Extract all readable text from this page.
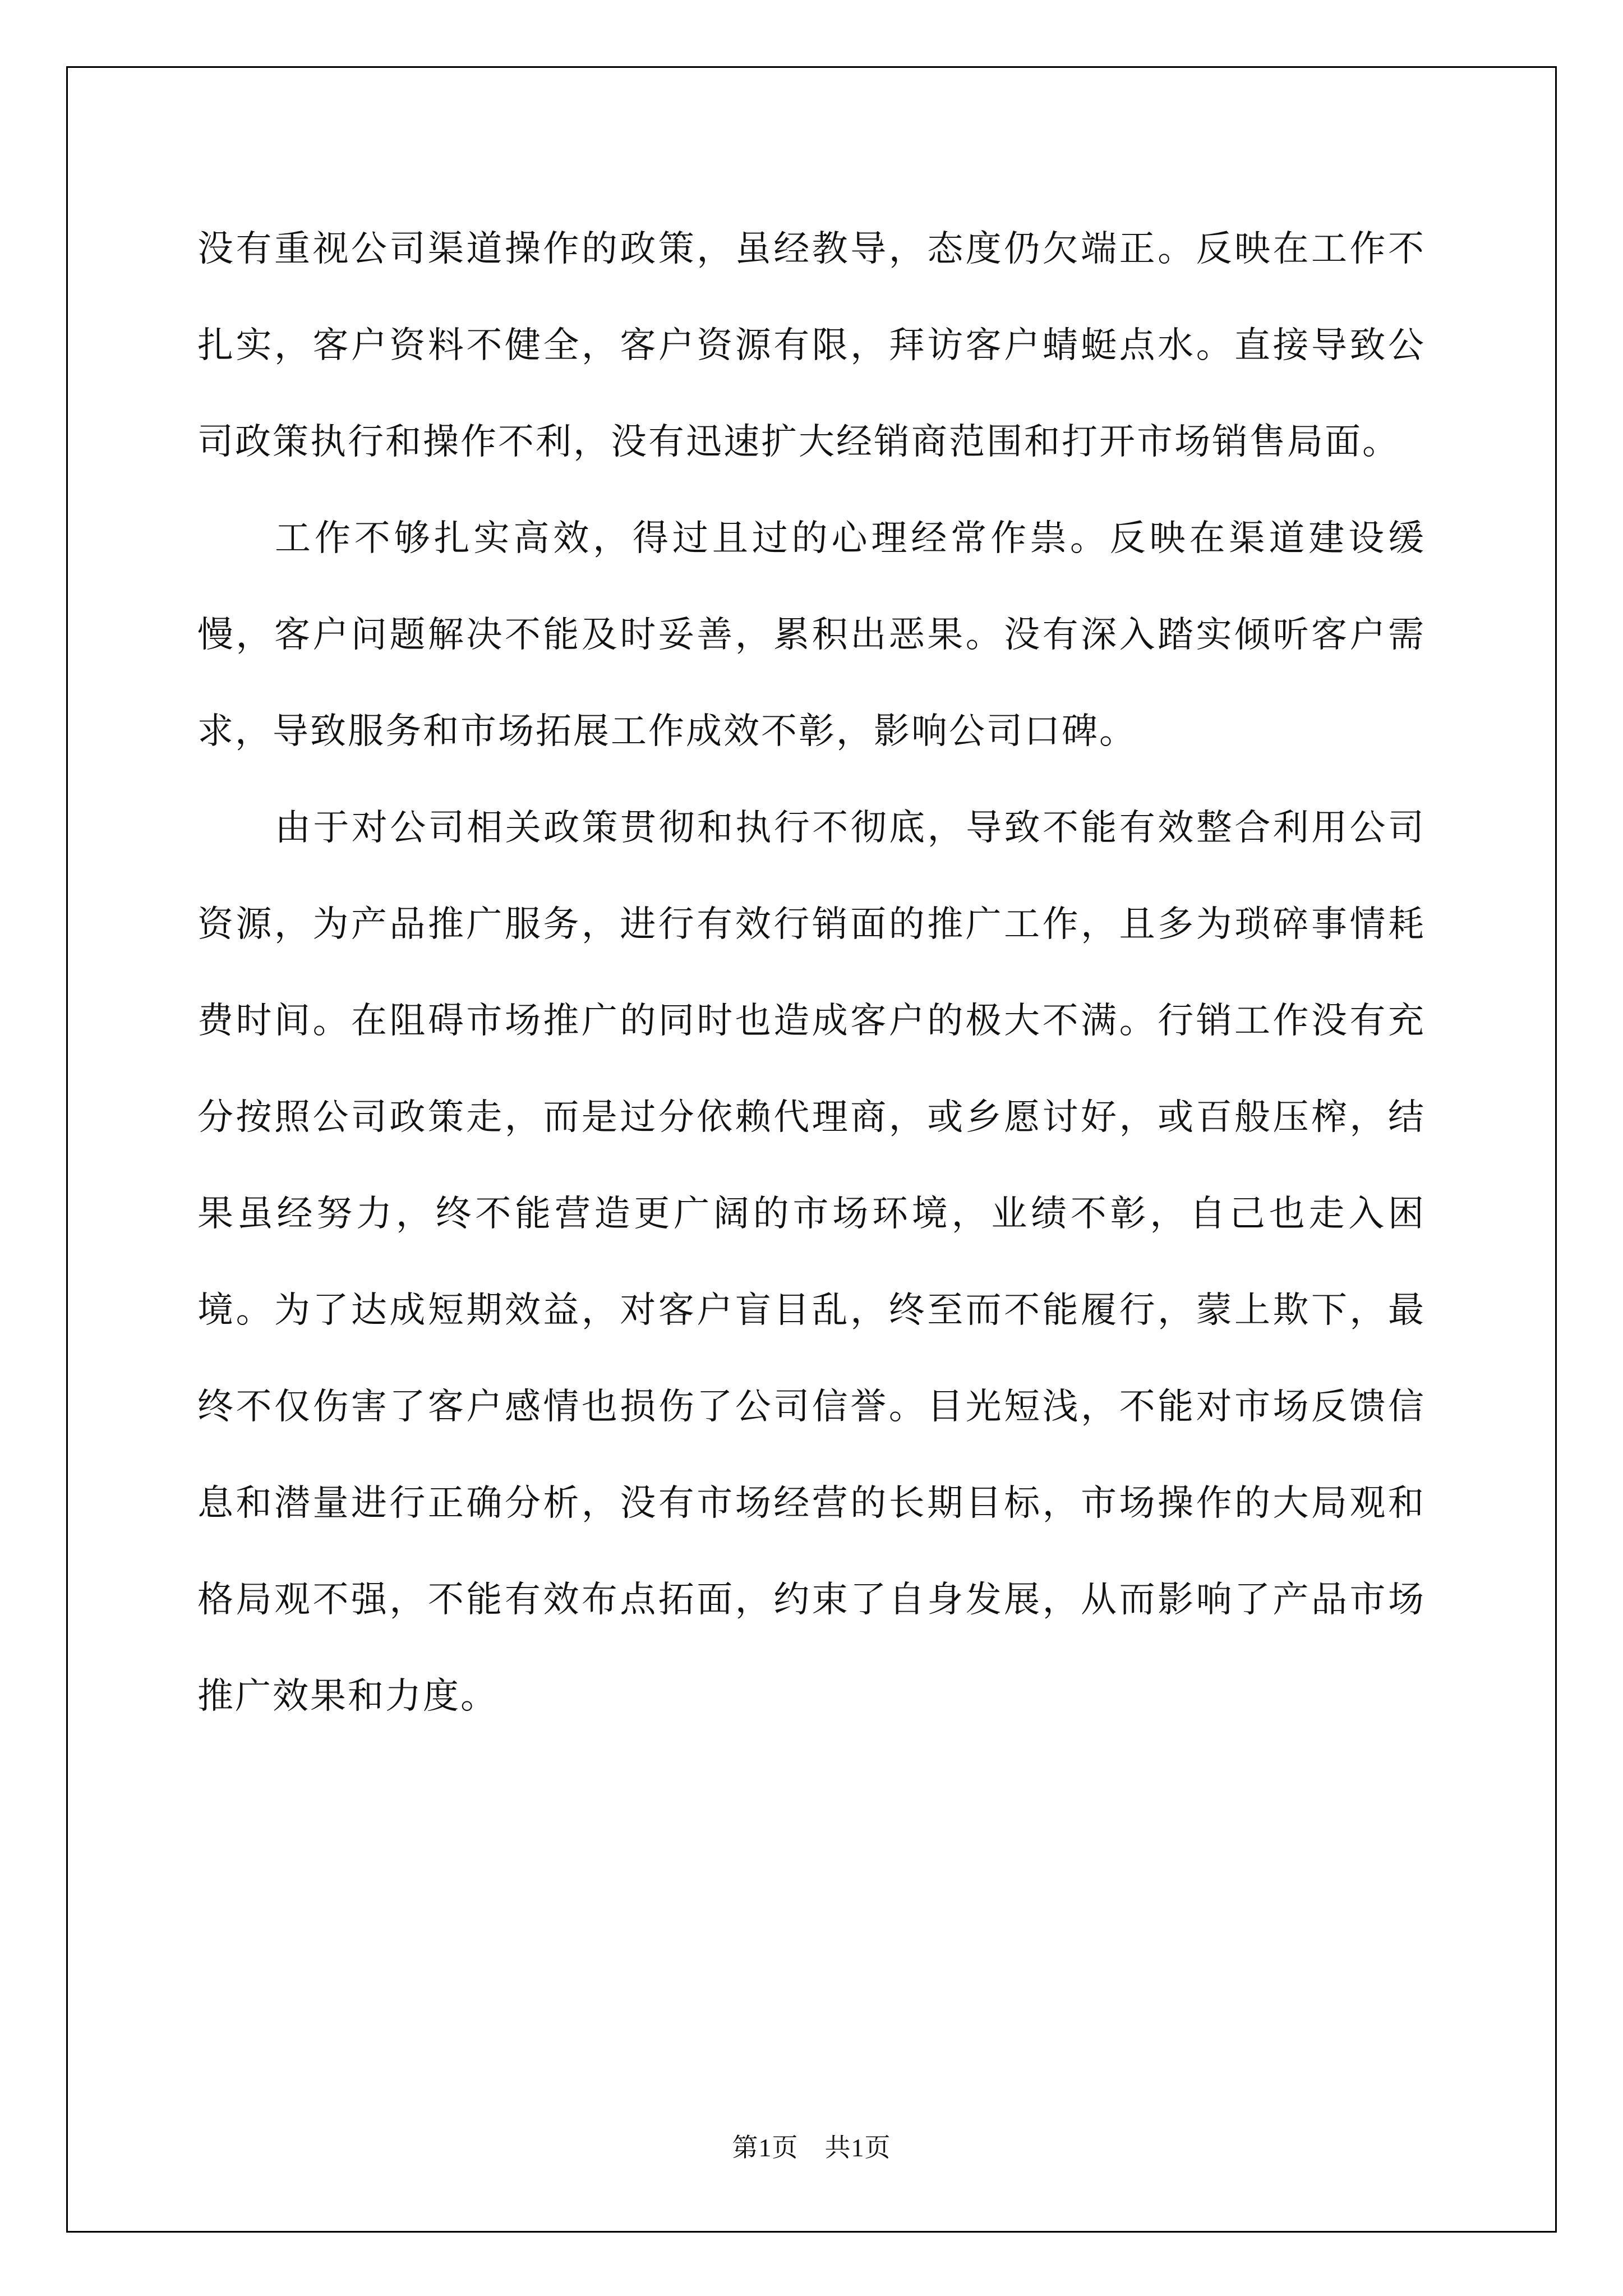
没有重视公司渠道操作的政策，虽经教导，态度仍欠端正。反映在工作不扎实，客户资料不健全，客户资源有限，拜访客户蜻蜓点水。直接导致公司政策执行和操作不利，没有迅速扩大经销商范围和打开市场销售局面。

工作不够扎实高效，得过且过的心理经常作祟。反映在渠道建设缓慢，客户问题解决不能及时妥善，累积出恶果。没有深入踏实倾听客户需求，导致服务和市场拓展工作成效不彰，影响公司口碑。

由于对公司相关政策贯彻和执行不彻底，导致不能有效整合利用公司资源，为产品推广服务，进行有效行销面的推广工作，且多为琐碎事情耗费时间。在阻碍市场推广的同时也造成客户的极大不满。行销工作没有充分按照公司政策走，而是过分依赖代理商，或乡愿讨好，或百般压榨，结果虽经努力，终不能营造更广阔的市场环境，业绩不彰，自己也走入困境。为了达成短期效益，对客户盲目乱，终至而不能履行，蒙上欺下，最终不仅伤害了客户感情也损伤了公司信誉。目光短浅，不能对市场反馈信息和潜量进行正确分析，没有市场经营的长期目标，市场操作的大局观和格局观不强，不能有效布点拓面，约束了自身发展，从而影响了产品市场推广效果和力度。

第1页　共1页
